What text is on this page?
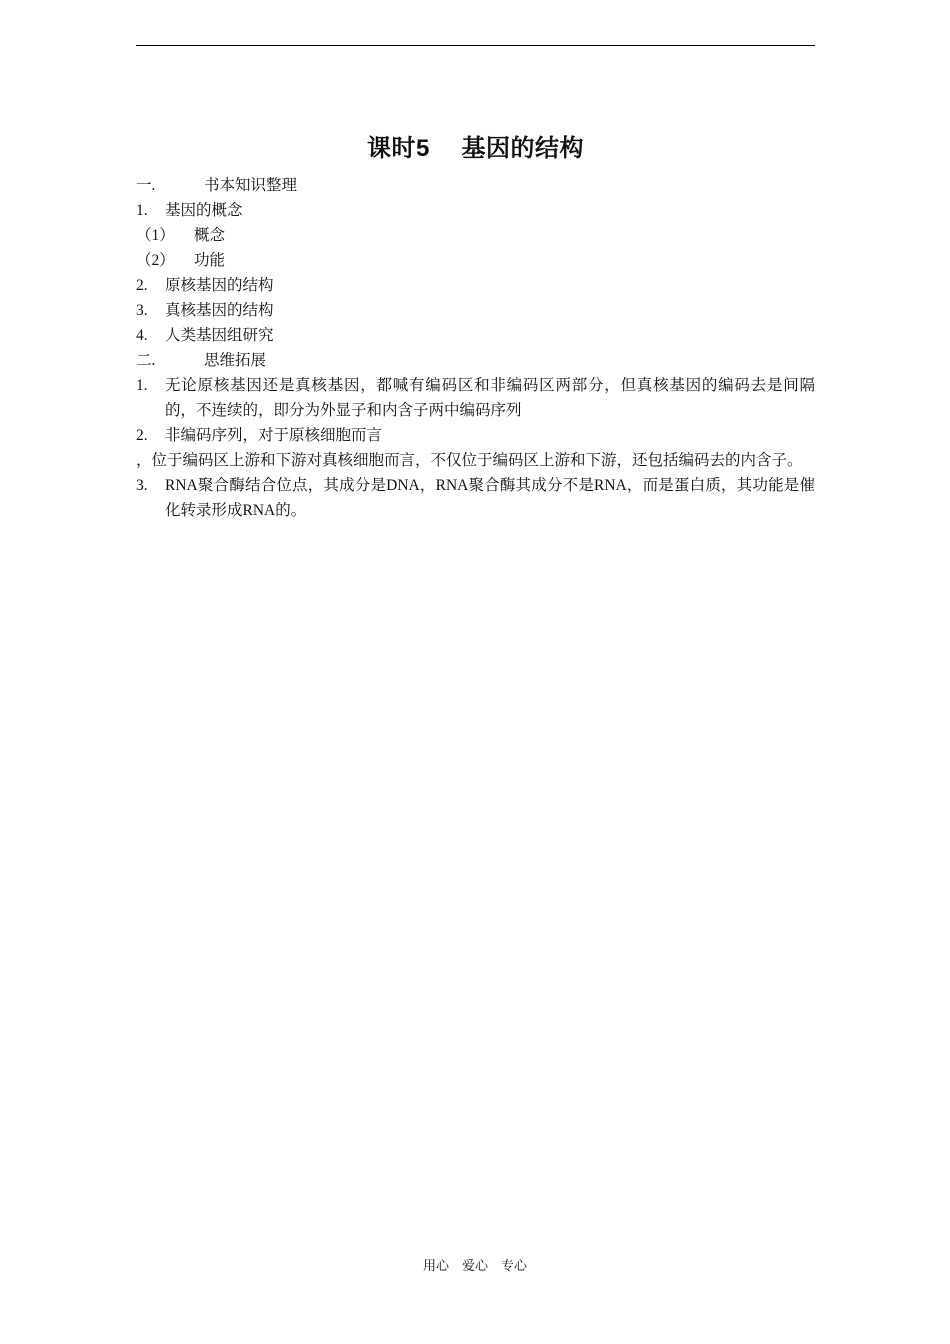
课时5　 基因的结构
一.	书本知识整理
1.	基因的概念
（1）	概念
（2）	功能
2.	原核基因的结构
3.	真核基因的结构
4.	人类基因组研究
二.	思维拓展
1.	无论原核基因还是真核基因，都喊有编码区和非编码区两部分，但真核基因的编码去是间隔的，不连续的，即分为外显子和内含子两中编码序列
2.	非编码序列，对于原核细胞而言
，位于编码区上游和下游对真核细胞而言，不仅位于编码区上游和下游，还包括编码去的内含子。
3.	RNA聚合酶结合位点，其成分是DNA，RNA聚合酶其成分不是RNA，而是蛋白质，其功能是催化转录形成RNA的。
用心　爱心　专心
